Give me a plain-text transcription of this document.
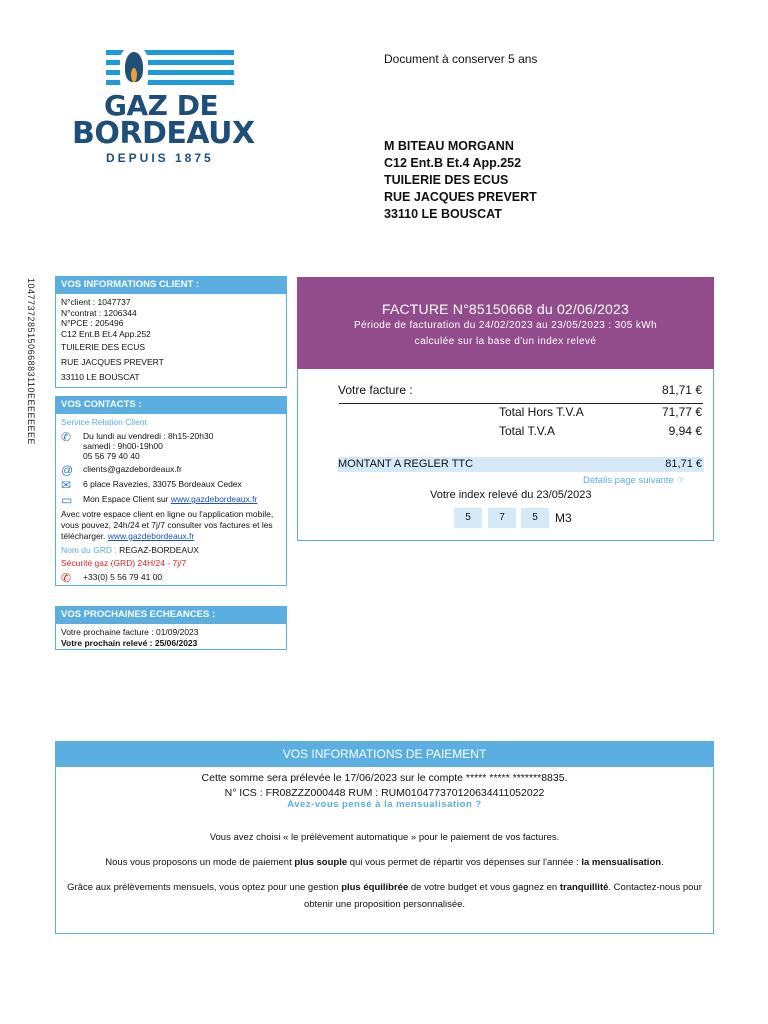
GAZ DE
BORDEAUX
DEPUIS 1875
Document à conserver 5 ans
M BITEAU MORGANN
C12 Ent.B Et.4 App.252
TUILERIE DES ECUS
RUE JACQUES PREVERT
33110 LE BOUSCAT
104773728515066883110EEEEEEEE	VOS INFORMATIONS CLIENT :
N°client : 1047737
N°contrat : 1206344
N°PCE : 205496
C12 Ent.B Et.4 App.252
TUILERIE DES ECUS
RUE JACQUES PREVERT
33110 LE BOUSCAT
VOS CONTACTS :
Service Relation Client
✆	Du lundi au vendredi : 8h15-20h30
samedi : 9h00-19h00
05 56 79 40 40
@	clients@gazdebordeaux.fr
✉	6 place Ravezies, 33075 Bordeaux Cedex
▭	Mon Espace Client sur www.gazdebordeaux.fr
Avec votre espace client en ligne ou l'application mobile, vous pouvez, 24h/24 et 7j/7 consulter vos factures et les télécharger. www.gazdebordeaux.fr
Nom du GRD : REGAZ-BORDEAUX
Sécurité gaz (GRD) 24H/24 - 7j/7
✆	+33(0) 5 56 79 41 00
VOS PROCHAINES ECHEANCES :
Votre prochaine facture : 01/09/2023
Votre prochain relevé : 25/06/2023
FACTURE N°85150668 du 02/06/2023
Période de facturation du 24/02/2023 au 23/05/2023 : 305 kWh
calculée sur la base d'un index relevé
Votre facture :	81,71 €
Total Hors T.V.A	71,77 €
Total T.V.A	9,94 €
MONTANT A REGLER TTC	81,71 €
Détails page suivante ☞
Votre index relevé du 23/05/2023
5	7	5	M3
VOS INFORMATIONS DE PAIEMENT
Cette somme sera prélevée le 17/06/2023 sur le compte ***** ***** *******8835.
N° ICS : FR08ZZZ000448 RUM : RUM010477370120634411052022
Avez-vous pensé à la mensualisation ?
Vous avez choisi « le prélèvement automatique » pour le paiement de vos factures.
Nous vous proposons un mode de paiement plus souple qui vous permet de répartir vos dépenses sur l'année : la mensualisation.
Grâce aux prélèvements mensuels, vous optez pour une gestion plus équilibrée de votre budget et vous gagnez en tranquillité. Contactez-nous pour obtenir une proposition personnalisée.
